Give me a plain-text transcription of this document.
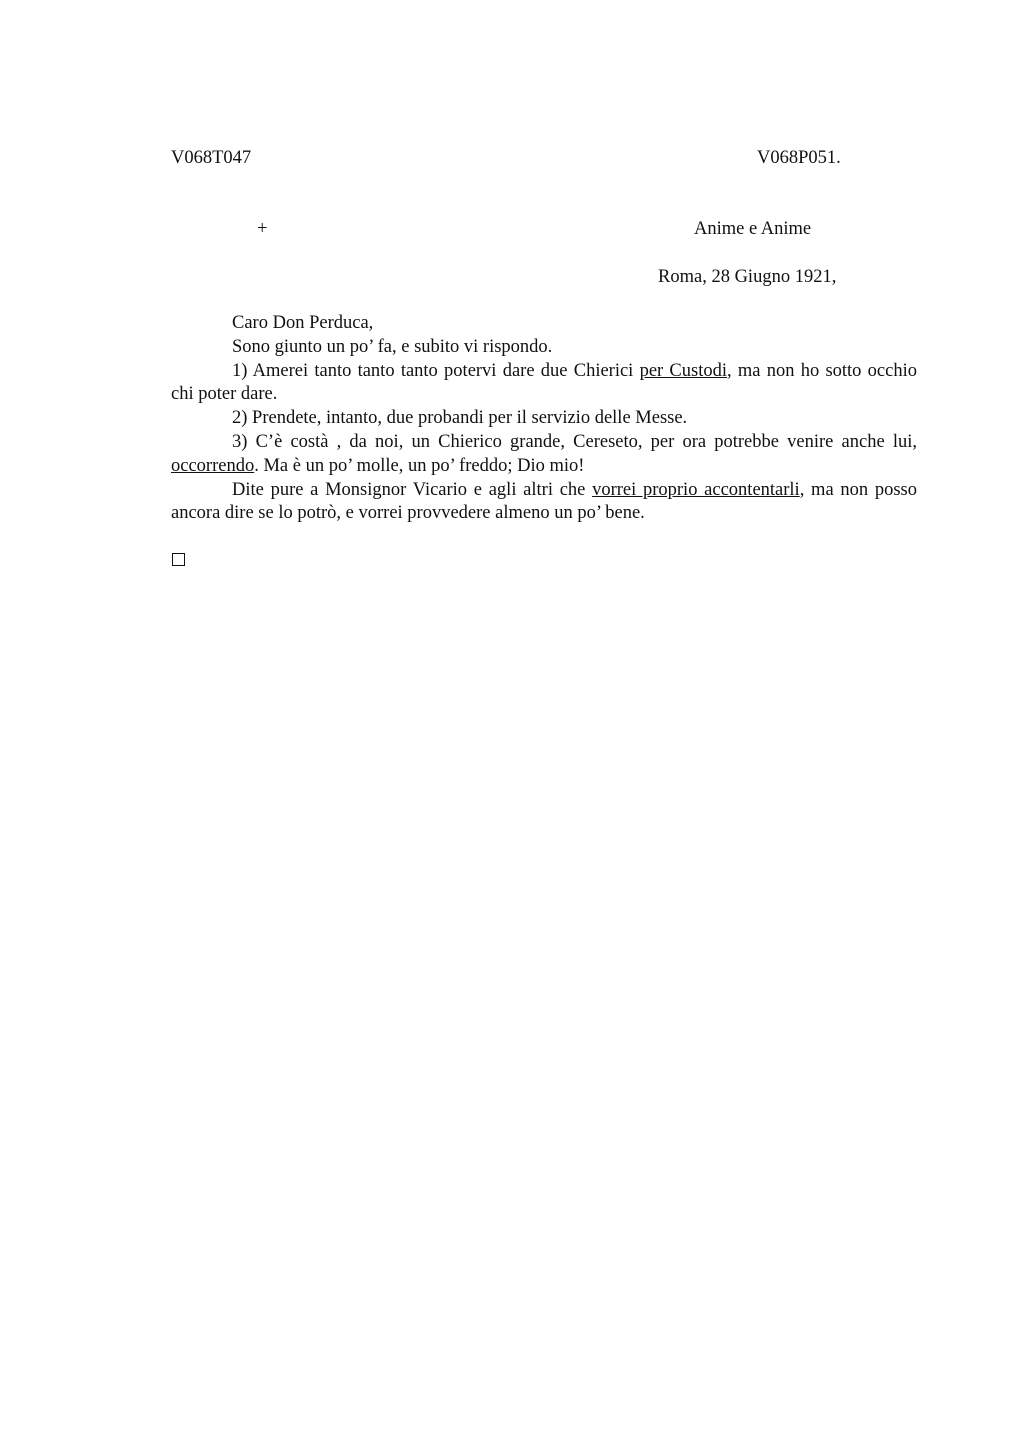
V068T047	V068P051.
+	Anime e Anime
Roma, 28 Giugno 1921,

Caro Don Perduca,

Sono giunto un po’ fa, e subito vi rispondo.

1) Amerei tanto tanto tanto potervi dare due Chierici per Custodi, ma non ho sotto occhio chi poter dare.

2) Prendete, intanto, due probandi per il servizio delle Messe.

3) C’è costà , da noi, un Chierico grande, Cereseto, per ora potrebbe venire anche lui, occorrendo. Ma è un po’ molle, un po’ freddo; Dio mio!

Dite pure a Monsignor Vicario e agli altri che vorrei proprio accontentarli, ma non posso ancora dire se lo potrò, e vorrei provvedere almeno un po’ bene.
